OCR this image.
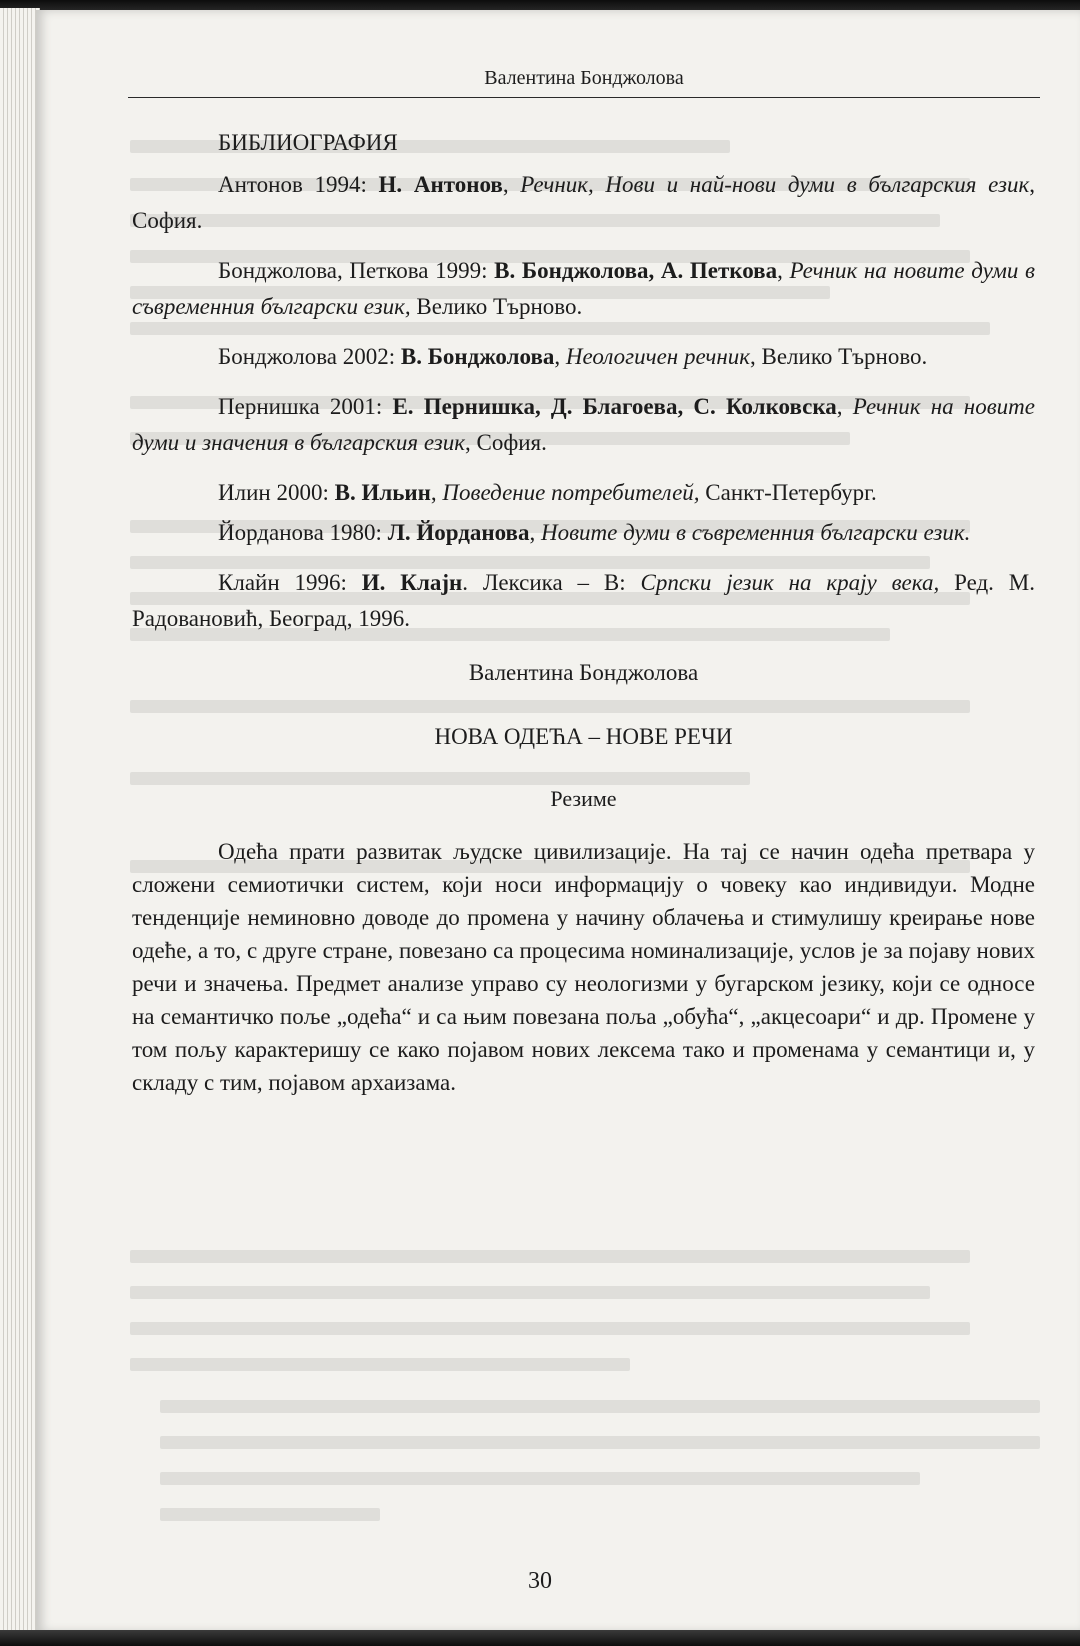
Валентина Бонджолова
БИБЛИОГРАФИЯ

Антонов 1994: Н. Антонов, Речник, Нови и най-нови думи в българския език, София.

Бонджолова, Петкова 1999: В. Бонджолова, А. Петкова, Речник на новите думи в съвременния български език, Велико Търново.

Бонджолова 2002: В. Бонджолова, Неологичен речник, Велико Търново.

Пернишка 2001: Е. Пернишка, Д. Благоева, С. Колковска, Речник на новите думи и значения в българския език, София.

Илин 2000: В. Ильин, Поведение потребителей, Санкт-Петербург.

Йорданова 1980: Л. Йорданова, Новите думи в съвременния български език.

Клайн 1996: И. Клајн. Лексика – В: Српски језик на крају века, Ред. М. Радовановић, Београд, 1996.

Валентина Бонджолова

НОВА ОДЕЋА – НОВЕ РЕЧИ

Резиме

Одећа прати развитак људске цивилизације. На тај се начин одећа претвара у сложени семиотички систем, који носи информацију о човеку као индивидуи. Модне тенденције неминовно доводе до промена у начину облачења и стимулишу креирање нове одеће, а то, с друге стране, повезано са процесима номинализације, услов је за појаву нових речи и значења. Предмет анализе управо су неологизми у бугарском језику, који се односе на семантичко поље „одећа“ и са њим повезана поља „обућа“, „акцесоари“ и др. Промене у том пољу карактеришу се како појавом нових лексема тако и променама у семантици и, у складу с тим, појавом архаизама.

30
